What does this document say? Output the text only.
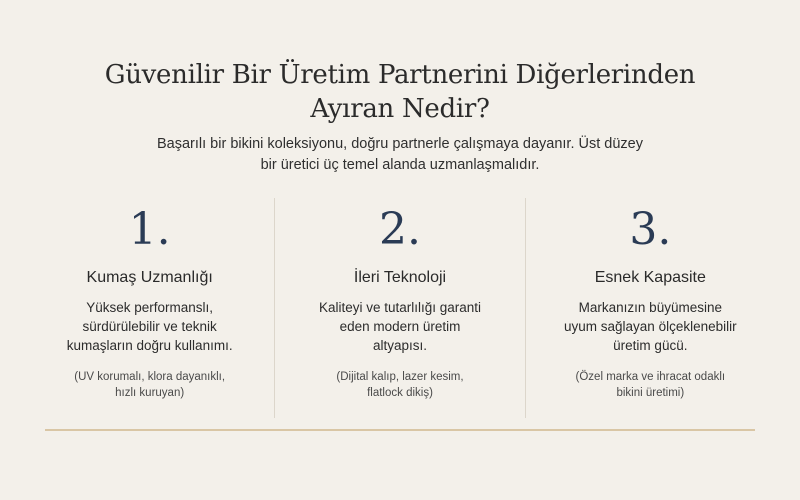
Güvenilir Bir Üretim Partnerini Diğerlerinden
Ayıran Nedir?
Başarılı bir bikini koleksiyonu, doğru partnerle çalışmaya dayanır. Üst düzey
bir üretici üç temel alanda uzmanlaşmalıdır.
1.
Kumaş Uzmanlığı
Yüksek performanslı,
sürdürülebilir ve teknik
kumaşların doğru kullanımı.
(UV korumalı, klora dayanıklı,
hızlı kuruyan)
2.
İleri Teknoloji
Kaliteyi ve tutarlılığı garanti
eden modern üretim
altyapısı.
(Dijital kalıp, lazer kesim,
flatlock dikiş)
3.
Esnek Kapasite
Markanızın büyümesine
uyum sağlayan ölçeklenebilir
üretim gücü.
(Özel marka ve ihracat odaklı
bikini üretimi)
